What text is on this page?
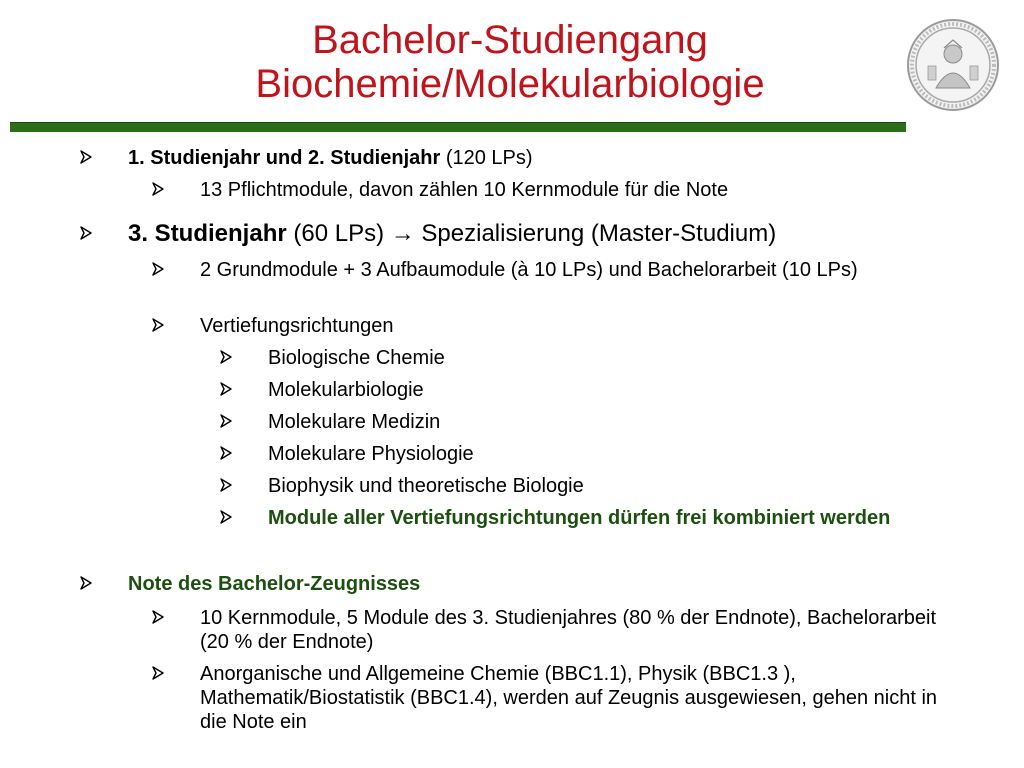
Bachelor-Studiengang
Biochemie/Molekularbiologie
1. Studienjahr und 2. Studienjahr (120 LPs)
13 Pflichtmodule, davon zählen 10 Kernmodule für die Note
3. Studienjahr (60 LPs) → Spezialisierung (Master-Studium)
2 Grundmodule + 3 Aufbaumodule (à 10 LPs) und Bachelorarbeit (10 LPs)
Vertiefungsrichtungen
Biologische Chemie
Molekularbiologie
Molekulare Medizin
Molekulare Physiologie
Biophysik und theoretische Biologie
Module aller Vertiefungsrichtungen dürfen frei kombiniert werden
Note des Bachelor-Zeugnisses
10 Kernmodule, 5 Module des 3. Studienjahres (80 % der Endnote), Bachelorarbeit (20 % der Endnote)
Anorganische und Allgemeine Chemie (BBC1.1), Physik (BBC1.3 ), Mathematik/Biostatistik (BBC1.4), werden auf Zeugnis ausgewiesen, gehen nicht in die Note ein
